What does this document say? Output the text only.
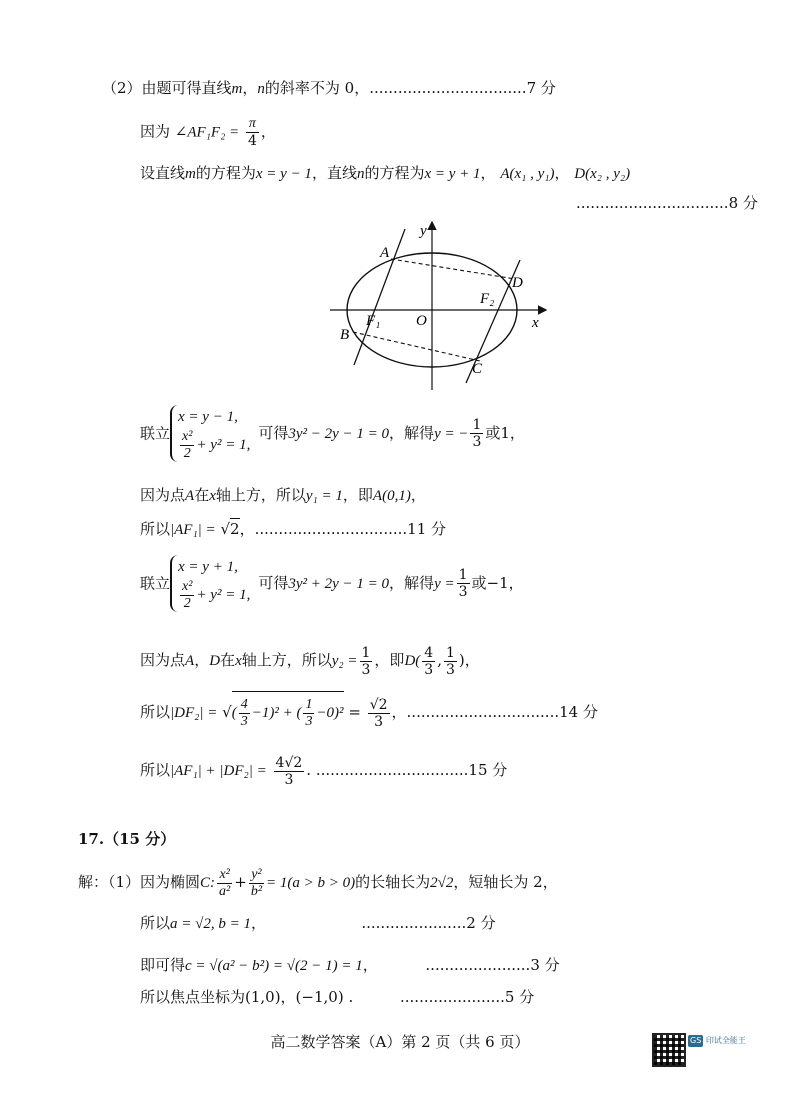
（2）由题可得直线m，n的斜率不为 0，.................................7 分
因为 ∠AF₁F₂ = $\frac{\pi}{4}$ ，
设直线m的方程为x = y − 1，直线n的方程为x = y + 1， A(x₁ , y₁)， D(x₂ , y₂)
................................8 分
y
x
A
B
C
D
O
F₁
F₂
联立
x = y − 1,
$\frac{\text{x²}}{2} + y^2 = 1$,
可得3y² − 2y − 1 = 0，解得y = − $\frac{1}{3}$ 或1，
因为点A在x轴上方，所以y₁ = 1，即A(0,1)，
所以|AF₁| = √2，................................11 分
联立
x = y + 1,
$\frac{\text{x²}}{2} + y^2 = 1$,
可得3y² + 2y − 1 = 0，解得$y = \frac{1}{3}$ 或−1，
因为点A，D在x轴上方，所以$y_2 = \frac{1}{3}$ ，即$D( \frac{4}{3}$ , $\frac{1}{3}$ )，
所以|DF₂| = √( $\frac{4}{3} -1)^2$ + ( $\frac{1}{3} -0)^2 = \frac{√2}{3}$ ，................................14 分
所以$|AF_1| + |DF_2| = \frac{4√2}{3}$ . ................................15 分
17.（15 分）
解：（1）因为椭圆C: $\frac{\text{x²}}{\text{a²}} + \frac{\text{y²}}{\text{b²}} = 1(a > b > 0)$的长轴长为2√2，短轴长为 2，
所以a = √2, b = 1，                    ......................2 分
即可得c = √(a² − b²) = √(2 − 1) = 1，          ......................3 分
所以焦点坐标为(1,0)，(−1,0) .	......................5 分
高二数学答案（A）第 2 页（共 6 页）	GS 印试全能王
